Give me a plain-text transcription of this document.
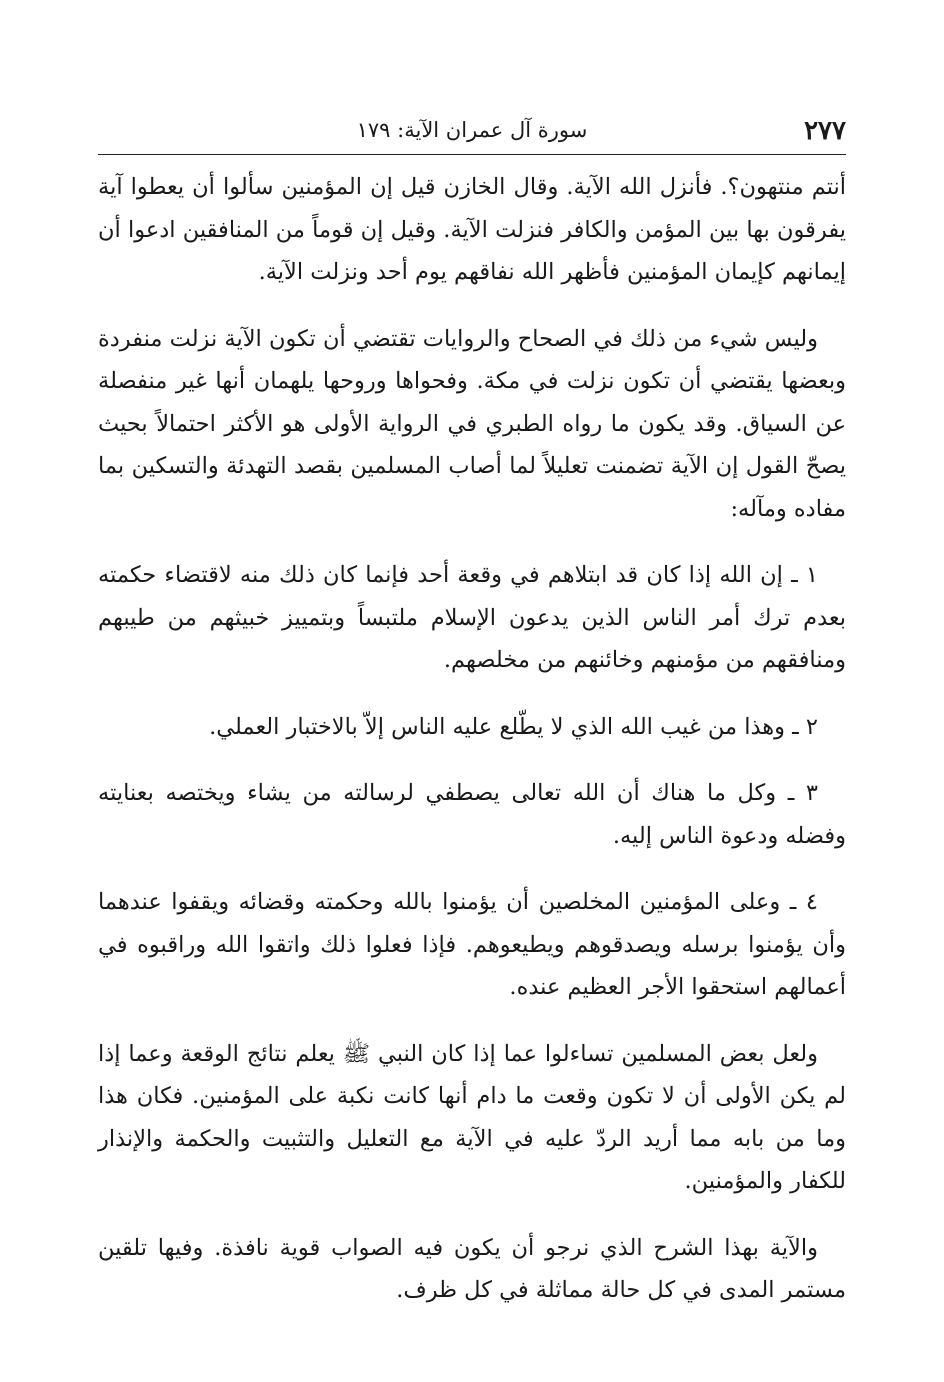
٢٧٧
سورة آل عمران الآية: ١٧٩

أنتم منتهون؟. فأنزل الله الآية. وقال الخازن قيل إن المؤمنين سألوا أن يعطوا آية يفرقون بها بين المؤمن والكافر فنزلت الآية. وقيل إن قوماً من المنافقين ادعوا أن إيمانهم كإيمان المؤمنين فأظهر الله نفاقهم يوم أحد ونزلت الآية.

وليس شيء من ذلك في الصحاح والروايات تقتضي أن تكون الآية نزلت منفردة وبعضها يقتضي أن تكون نزلت في مكة. وفحواها وروحها يلهمان أنها غير منفصلة عن السياق. وقد يكون ما رواه الطبري في الرواية الأولى هو الأكثر احتمالاً بحيث يصحّ القول إن الآية تضمنت تعليلاً لما أصاب المسلمين بقصد التهدئة والتسكين بما مفاده ومآله:

١ ـ إن الله إذا كان قد ابتلاهم في وقعة أحد فإنما كان ذلك منه لاقتضاء حكمته بعدم ترك أمر الناس الذين يدعون الإسلام ملتبساً وبتمييز خبيثهم من طيبهم ومنافقهم من مؤمنهم وخائنهم من مخلصهم.

٢ ـ وهذا من غيب الله الذي لا يطّلع عليه الناس إلاّ بالاختبار العملي.

٣ ـ وكل ما هناك أن الله تعالى يصطفي لرسالته من يشاء ويختصه بعنايته وفضله ودعوة الناس إليه.

٤ ـ وعلى المؤمنين المخلصين أن يؤمنوا بالله وحكمته وقضائه ويقفوا عندهما وأن يؤمنوا برسله ويصدقوهم ويطيعوهم. فإذا فعلوا ذلك واتقوا الله وراقبوه في أعمالهم استحقوا الأجر العظيم عنده.

ولعل بعض المسلمين تساءلوا عما إذا كان النبي ﷺ يعلم نتائج الوقعة وعما إذا لم يكن الأولى أن لا تكون وقعت ما دام أنها كانت نكبة على المؤمنين. فكان هذا وما من بابه مما أريد الردّ عليه في الآية مع التعليل والتثبيت والحكمة والإنذار للكفار والمؤمنين.

والآية بهذا الشرح الذي نرجو أن يكون فيه الصواب قوية نافذة. وفيها تلقين مستمر المدى في كل حالة مماثلة في كل ظرف.
